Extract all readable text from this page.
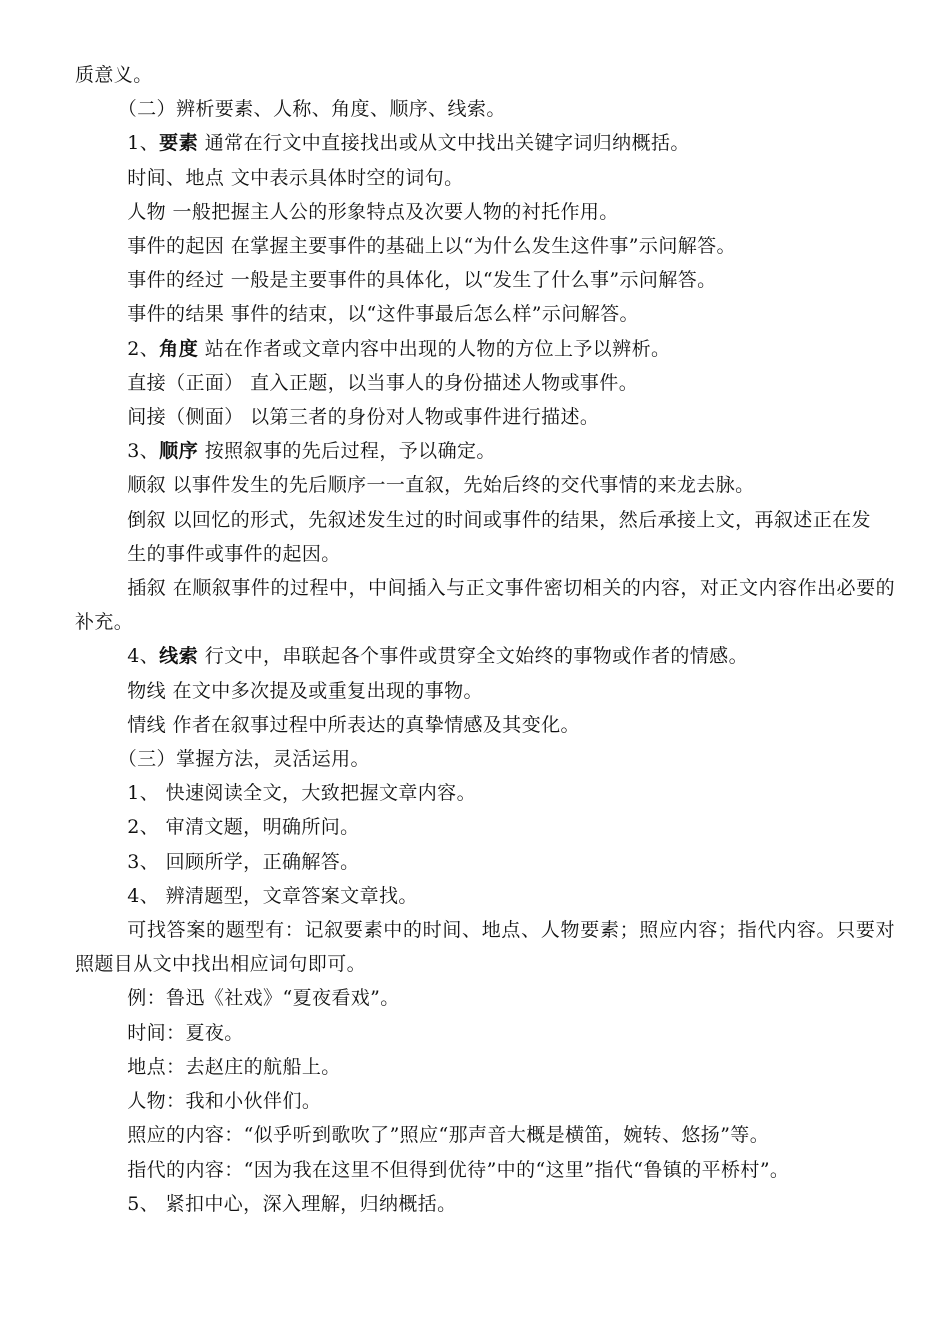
质意义。

（二）辨析要素、人称、角度、顺序、线索。

1、要素 通常在行文中直接找出或从文中找出关键字词归纳概括。

时间、地点 文中表示具体时空的词句。

人物 一般把握主人公的形象特点及次要人物的衬托作用。

事件的起因 在掌握主要事件的基础上以“为什么发生这件事”示问解答。

事件的经过 一般是主要事件的具体化，以“发生了什么事”示问解答。

事件的结果 事件的结束，以“这件事最后怎么样”示问解答。

2、角度 站在作者或文章内容中出现的人物的方位上予以辨析。

直接（正面） 直入正题，以当事人的身份描述人物或事件。

间接（侧面） 以第三者的身份对人物或事件进行描述。

3、顺序 按照叙事的先后过程，予以确定。

顺叙 以事件发生的先后顺序一一直叙，先始后终的交代事情的来龙去脉。

倒叙 以回忆的形式，先叙述发生过的时间或事件的结果，然后承接上文，再叙述正在发

生的事件或事件的起因。

插叙 在顺叙事件的过程中，中间插入与正文事件密切相关的内容，对正文内容作出必要的补充。

4、线索 行文中，串联起各个事件或贯穿全文始终的事物或作者的情感。

物线 在文中多次提及或重复出现的事物。

情线 作者在叙事过程中所表达的真挚情感及其变化。

（三）掌握方法，灵活运用。

1、 快速阅读全文，大致把握文章内容。

2、 审清文题，明确所问。

3、 回顾所学，正确解答。

4、 辨清题型，文章答案文章找。

可找答案的题型有：记叙要素中的时间、地点、人物要素；照应内容；指代内容。只要对照题目从文中找出相应词句即可。

例：鲁迅《社戏》“夏夜看戏”。

时间：夏夜。

地点：去赵庄的航船上。

人物：我和小伙伴们。

照应的内容：“似乎听到歌吹了”照应“那声音大概是横笛，婉转、悠扬”等。

指代的内容：“因为我在这里不但得到优待”中的“这里”指代“鲁镇的平桥村”。

5、 紧扣中心，深入理解，归纳概括。
